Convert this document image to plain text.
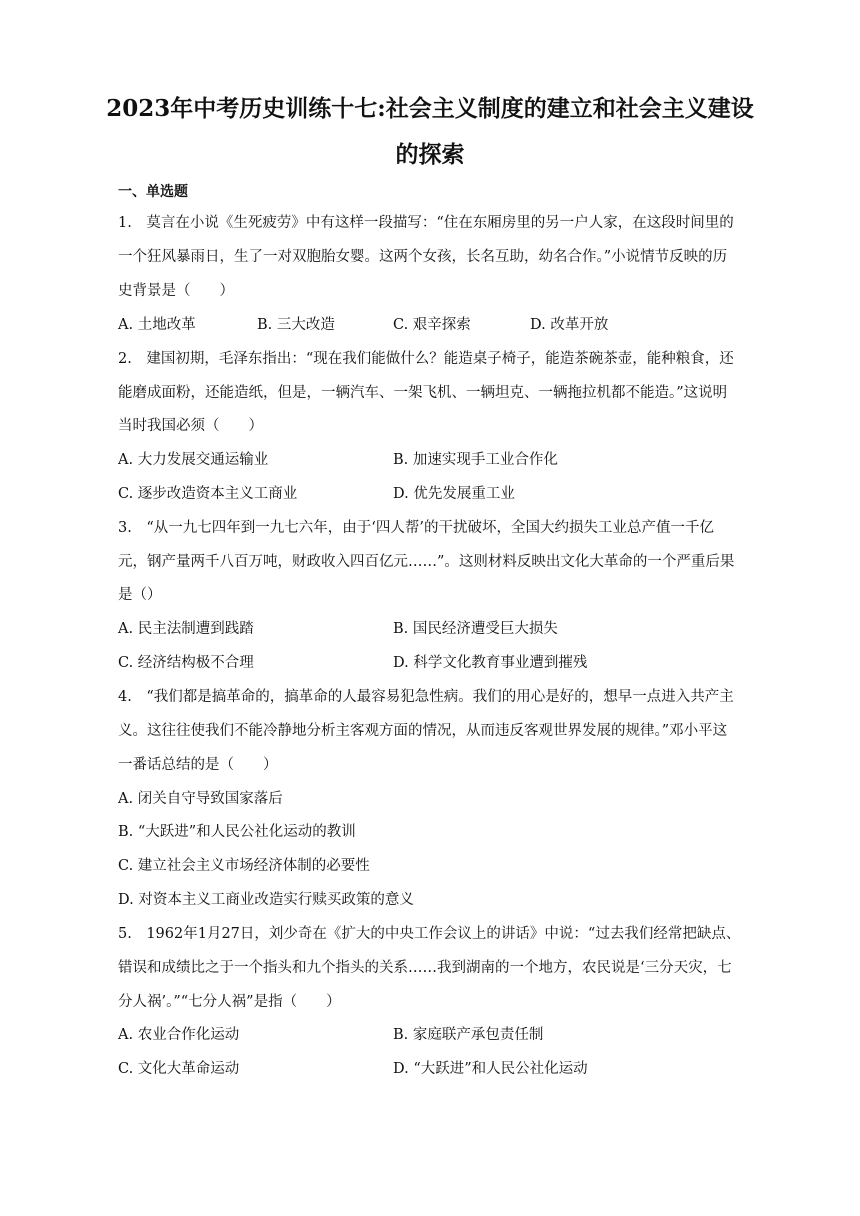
2023年中考历史训练十七:社会主义制度的建立和社会主义建设
的探索
一、单选题
1.　莫言在小说《生死疲劳》中有这样一段描写：“住在东厢房里的另一户人家，在这段时间里的
一个狂风暴雨日，生了一对双胞胎女婴。这两个女孩，长名互助，幼名合作。”小说情节反映的历
史背景是（　　）
A. 土地改革	B. 三大改造	C. 艰辛探索	D. 改革开放
2.　建国初期，毛泽东指出：“现在我们能做什么？能造桌子椅子，能造茶碗茶壶，能种粮食，还
能磨成面粉，还能造纸，但是，一辆汽车、一架飞机、一辆坦克、一辆拖拉机都不能造。”这说明
当时我国必须（　　）
A. 大力发展交通运输业	B. 加速实现手工业合作化
C. 逐步改造资本主义工商业	D. 优先发展重工业
3.　“从一九七四年到一九七六年，由于‘四人帮’的干扰破坏，全国大约损失工业总产值一千亿
元，钢产量两千八百万吨，财政收入四百亿元……”。这则材料反映出文化大革命的一个严重后果
是（）
A. 民主法制遭到践踏	B. 国民经济遭受巨大损失
C. 经济结构极不合理	D. 科学文化教育事业遭到摧残
4.　“我们都是搞革命的，搞革命的人最容易犯急性病。我们的用心是好的，想早一点进入共产主
义。这往往使我们不能冷静地分析主客观方面的情况，从而违反客观世界发展的规律。”邓小平这
一番话总结的是（　　）
A. 闭关自守导致国家落后
B. “大跃进”和人民公社化运动的教训
C. 建立社会主义市场经济体制的必要性
D. 对资本主义工商业改造实行赎买政策的意义
5.　1962年1月27日，刘少奇在《扩大的中央工作会议上的讲话》中说：“过去我们经常把缺点、
错误和成绩比之于一个指头和九个指头的关系……我到湖南的一个地方，农民说是‘三分天灾，七
分人祸’。”“七分人祸”是指（　　）
A. 农业合作化运动	B. 家庭联产承包责任制
C. 文化大革命运动	D. “大跃进”和人民公社化运动
